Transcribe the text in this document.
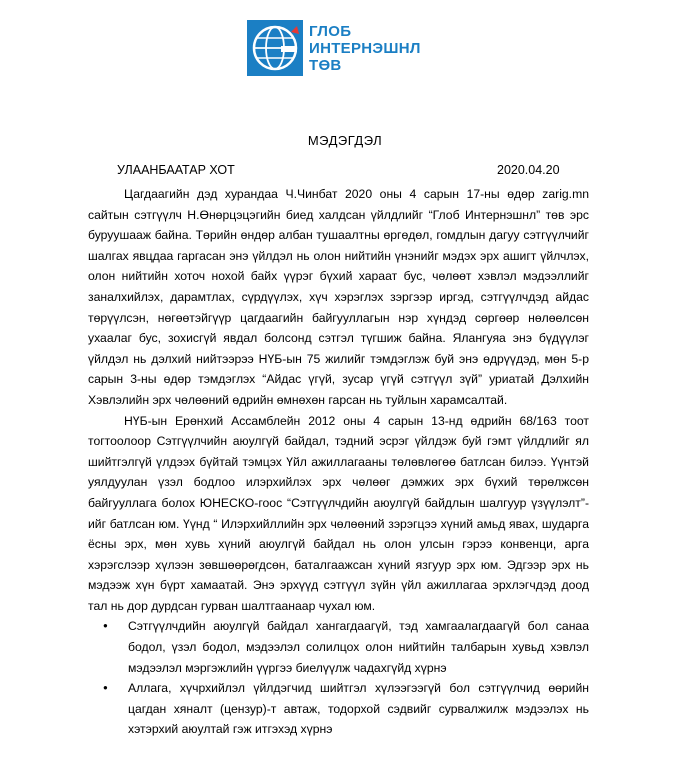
ГЛОБ
ИНТЕРНЭШНЛ
ТӨВ
МЭДЭГДЭЛ
УЛААНБААТАР ХОТ	2020.04.20

Цагдаагийн дэд хурандаа Ч.Чинбат 2020 оны 4 сарын 17-ны өдөр zarig.mn сайтын сэтгүүлч Н.Өнөрцэцэгийн биед халдсан үйлдлийг “Глоб Интернэшнл” төв эрс буруушааж байна. Төрийн өндөр албан тушаалтны өргөдөл, гомдлын дагуу сэтгүүлчийг шалгах явцдаа гаргасан энэ үйлдэл нь олон нийтийн үнэнийг мэдэх эрх ашигт үйлчлэх, олон нийтийн хоточ нохой байх үүрэг бүхий хараат бус, чөлөөт хэвлэл мэдээллийг заналхийлэх, дарамтлах, сүрдүүлэх, хүч хэрэглэх зэргээр иргэд, сэтгүүлчдэд айдас төрүүлсэн, нөгөөтэйгүүр цагдаагийн байгууллагын нэр хүндэд сөргөөр нөлөөлсөн ухаалаг бус, зохисгүй явдал болсонд сэтгэл түгшиж байна. Ялангуяа энэ бүдүүлэг үйлдэл нь дэлхий нийтээрээ НҮБ-ын 75 жилийг тэмдэглэж буй энэ өдрүүдэд, мөн 5-р сарын 3-ны өдөр тэмдэглэх “Айдас үгүй, зусар үгүй сэтгүүл зүй” уриатай Дэлхийн Хэвлэлийн эрх чөлөөний өдрийн өмнөхөн гарсан нь туйлын харамсалтай.

НҮБ-ын Ерөнхий Ассамблейн 2012 оны 4 сарын 13-нд өдрийн 68/163 тоот тогтоолоор Сэтгүүлчийн аюулгүй байдал, тэдний эсрэг үйлдэж буй гэмт үйлдлийг ял шийтгэлгүй үлдээх бүйтай тэмцэх Үйл ажиллагааны төлөвлөгөө батлсан билээ. Үүнтэй уялдуулан үзэл бодлоо илэрхийлэх эрх чөлөөг дэмжих эрх бүхий төрөлжсөн байгууллага болох ЮНЕСКО-гоос “Сэтгүүлчдийн аюулгүй байдлын шалгуур үзүүлэлт”-ийг батлсан юм. Үүнд “ Илэрхийллийн эрх чөлөөний зэрэгцээ хүний амьд явах, шударга ёсны эрх, мөн хувь хүний аюулгүй байдал нь олон улсын гэрээ конвенци, арга хэрэгслээр хүлээн зөвшөөрөгдсөн, баталгаажсан хүний язгуур эрх юм. Эдгээр эрх нь мэдээж хүн бүрт хамаатай. Энэ эрхүүд сэтгүүл зүйн үйл ажиллагаа эрхлэгчдэд доод тал нь дор дурдсан гурван шалтгаанаар чухал юм.

● Сэтгүүлчдийн аюулгүй байдал хангагдаагүй, тэд хамгаалагдаагүй бол санаа бодол, үзэл бодол, мэдээлэл солилцох олон нийтийн талбарын хувьд хэвлэл мэдээлэл мэргэжлийн үүргээ биелүүлж чадахгүйд хүрнэ
● Аллага, хүчрхийлэл үйлдэгчид шийтгэл хүлээгээгүй бол сэтгүүлчид өөрийн цагдан хяналт (цензур)-т автаж, тодорхой сэдвийг сурвалжилж мэдээлэх нь хэтэрхий аюултай гэж итгэхэд хүрнэ
